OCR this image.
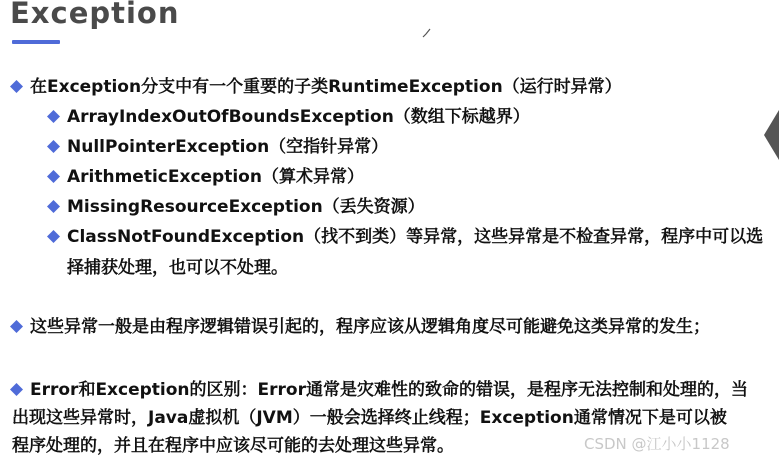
Exception
在Exception分支中有一个重要的子类RuntimeException（运行时异常）
ArrayIndexOutOfBoundsException（数组下标越界）
NullPointerException（空指针异常）
ArithmeticException（算术异常）
MissingResourceException（丢失资源）
ClassNotFoundException（找不到类）等异常，这些异常是不检查异常，程序中可以选
择捕获处理，也可以不处理。
这些异常一般是由程序逻辑错误引起的，程序应该从逻辑角度尽可能避免这类异常的发生；
Error和Exception的区别：Error通常是灾难性的致命的错误，是程序无法控制和处理的，当
出现这些异常时，Java虚拟机（JVM）一般会选择终止线程；Exception通常情况下是可以被
程序处理的，并且在程序中应该尽可能的去处理这些异常。	CSDN @江小小1128
